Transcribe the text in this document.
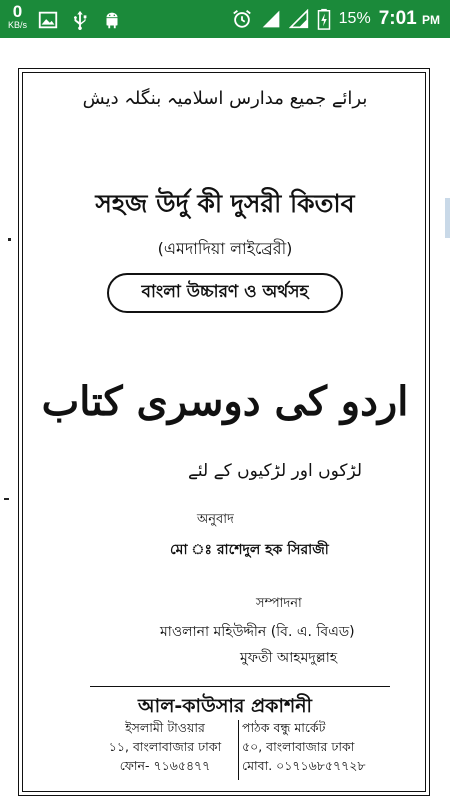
0
KB/s	15% 7:01 PM
برائے جمیع مدارس اسلامیہ بنگلہ دیش
সহজ উর্দু কী দুসরী কিতাব
(এমদাদিয়া লাইব্রেরী)
বাংলা উচ্চারণ ও অর্থসহ
اردو کی دوسری کتاب
لڑکوں اور لڑکیوں کے لئے
অনুবাদ
মো ঃ রাশেদুল হক সিরাজী
সম্পাদনা
মাওলানা মহিউদ্দীন (বি. এ. বিএড)
মুফতী আহমদুল্লাহ
আল-কাউসার প্রকাশনী
ইসলামী টাওয়ার
১১, বাংলাবাজার ঢাকা
ফোন- ৭১৬৫৪৭৭
পাঠক বন্ধু মার্কেট
৫০, বাংলাবাজার ঢাকা
মোবা. ০১৭১৬৮৫৭৭২৮
